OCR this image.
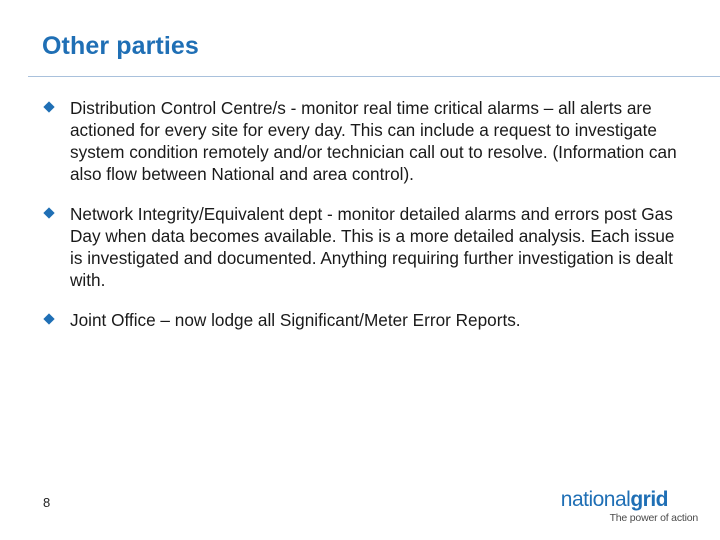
Other parties
Distribution Control Centre/s - monitor real time critical alarms – all alerts are actioned for every site for every day. This can include a request to investigate system condition remotely and/or technician call out to resolve. (Information can also flow between National and area control).
Network Integrity/Equivalent dept - monitor detailed alarms and errors post Gas Day when data becomes available. This is a more detailed analysis. Each issue is investigated and documented. Anything requiring further investigation is dealt with.
Joint Office – now lodge all Significant/Meter Error Reports.
8	nationalgrid
The power of action
